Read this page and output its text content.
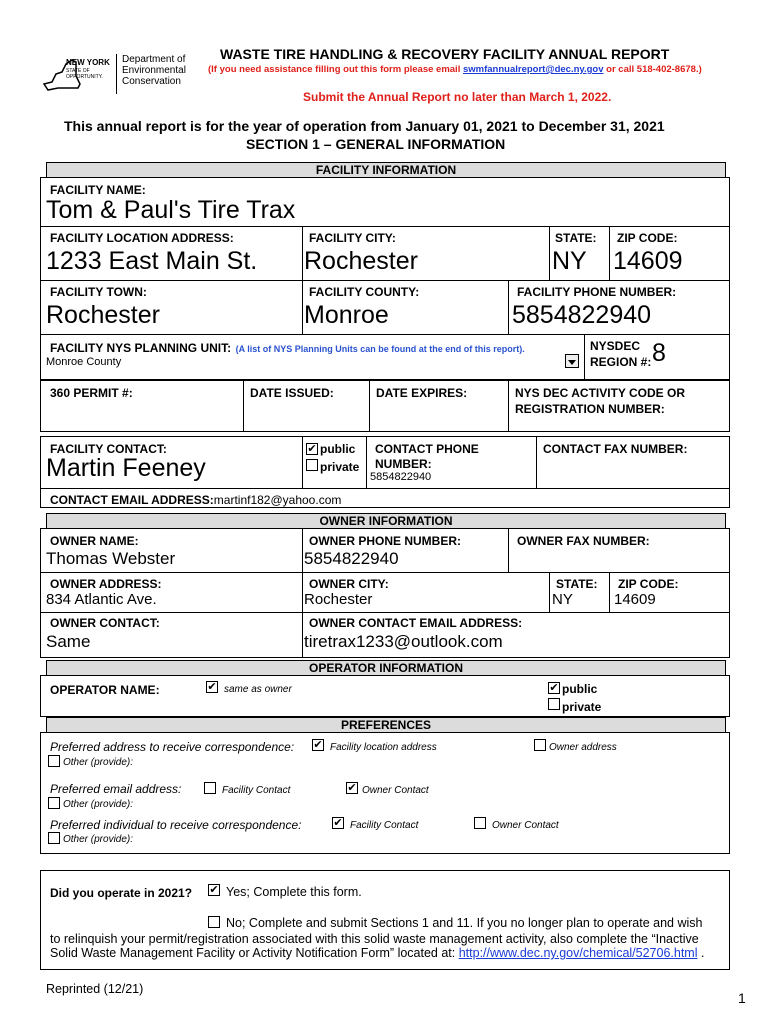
NEW YORK
STATE OF OPPORTUNITY.
Department of
Environmental
Conservation
WASTE TIRE HANDLING & RECOVERY FACILITY ANNUAL REPORT
(If you need assistance filling out this form please email swmfannualreport@dec.ny.gov or call 518-402-8678.)
Submit the Annual Report no later than March 1, 2022.
This annual report is for the year of operation from January 01, 2021 to December 31, 2021
SECTION 1 – GENERAL INFORMATION
FACILITY INFORMATION
FACILITY NAME:
Tom & Paul's Tire Trax
FACILITY LOCATION ADDRESS:
1233 East Main St.
FACILITY CITY:
Rochester
STATE:
NY
ZIP CODE:
14609
FACILITY TOWN:
Rochester
FACILITY COUNTY:
Monroe
FACILITY PHONE NUMBER:
5854822940
FACILITY NYS PLANNING UNIT: (A list of NYS Planning Units can be found at the end of this report).
Monroe County
NYSDEC
REGION #: 8
360 PERMIT #:	DATE ISSUED:	DATE EXPIRES:	NYS DEC ACTIVITY CODE OR
REGISTRATION NUMBER:
FACILITY CONTACT:
Martin Feeney
✔ public
private
CONTACT PHONE
NUMBER:
5854822940
CONTACT FAX NUMBER:
CONTACT EMAIL ADDRESS:martinf182@yahoo.com
OWNER INFORMATION
OWNER NAME:
Thomas Webster
OWNER PHONE NUMBER:
5854822940
OWNER FAX NUMBER:
OWNER ADDRESS:
834 Atlantic Ave.
OWNER CITY:
Rochester
STATE:
NY
ZIP CODE:
14609
OWNER CONTACT:
Same
OWNER CONTACT EMAIL ADDRESS:
tiretrax1233@outlook.com
OPERATOR INFORMATION
OPERATOR NAME:	✔ same as owner	✔ public
private
PREFERENCES
Preferred address to receive correspondence: ✔ Facility location address	Owner address
Other (provide):
Preferred email address:	Facility Contact	✔ Owner Contact
Other (provide):
Preferred individual to receive correspondence:	✔ Facility Contact	Owner Contact
Other (provide):
Did you operate in 2021? ✔ Yes; Complete this form.
No; Complete and submit Sections 1 and 11. If you no longer plan to operate and wish
to relinquish your permit/registration associated with this solid waste management activity, also complete the “Inactive
Solid Waste Management Facility or Activity Notification Form” located at: http://www.dec.ny.gov/chemical/52706.html .
Reprinted (12/21)
1
